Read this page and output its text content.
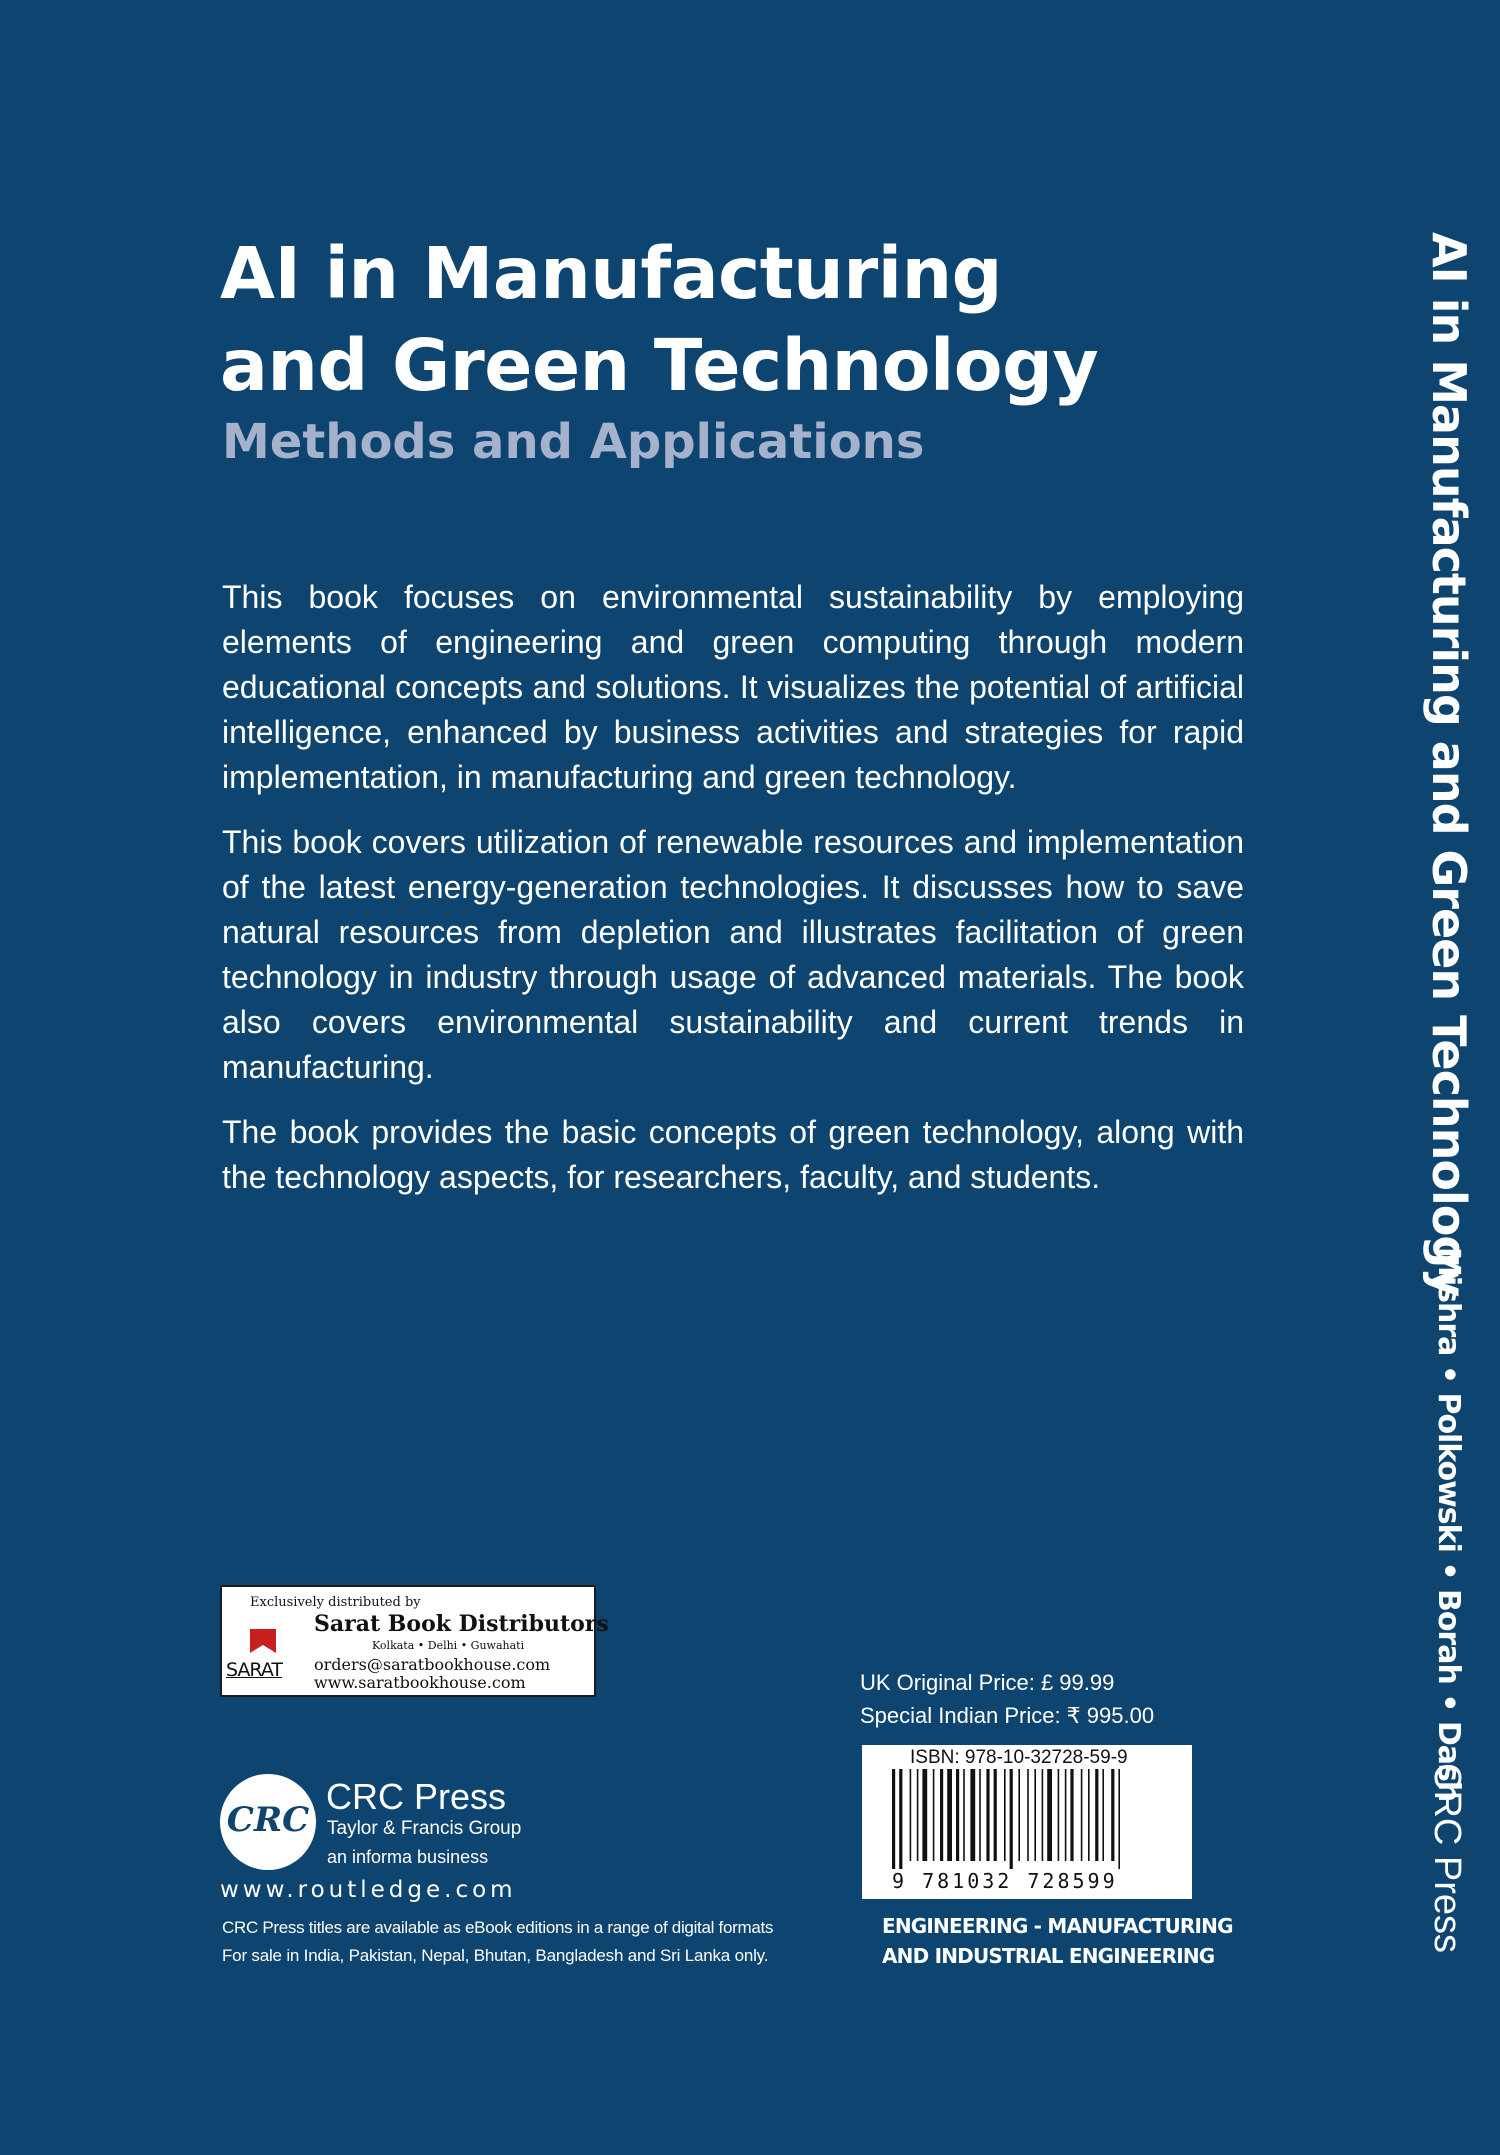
AI in Manufacturing
and Green Technology
Methods and Applications

This book focuses on environmental sustainability by employing elements of engineering and green computing through modern educational concepts and solutions. It visualizes the potential of artificial intelligence, enhanced by business activities and strategies for rapid implementation, in manufacturing and green technology.

This book covers utilization of renewable resources and implementation of the latest energy-generation technologies. It discusses how to save natural resources from depletion and illustrates facilitation of green technology in industry through usage of advanced materials. The book also covers environmental sustainability and current trends in manufacturing.

The book provides the basic concepts of green technology, along with the technology aspects, for researchers, faculty, and students.	AI in Manufacturing and Green Technology
Mishra • Polkowski • Borah • Dash
CRC Press
Exclusively distributed by
Sarat Book Distributors
Kolkata • Delhi • Guwahati
orders@saratbookhouse.com
www.saratbookhouse.com
SARAT
CRC
CRC Press
Taylor & Francis Group
an informa business
www.routledge.com
CRC Press titles are available as eBook editions in a range of digital formats
For sale in India, Pakistan, Nepal, Bhutan, Bangladesh and Sri Lanka only.
UK Original Price: £ 99.99
Special Indian Price: ₹ 995.00
ISBN: 978-10-32728-59-9
9 781032 728599
ENGINEERING - MANUFACTURING
AND INDUSTRIAL ENGINEERING
